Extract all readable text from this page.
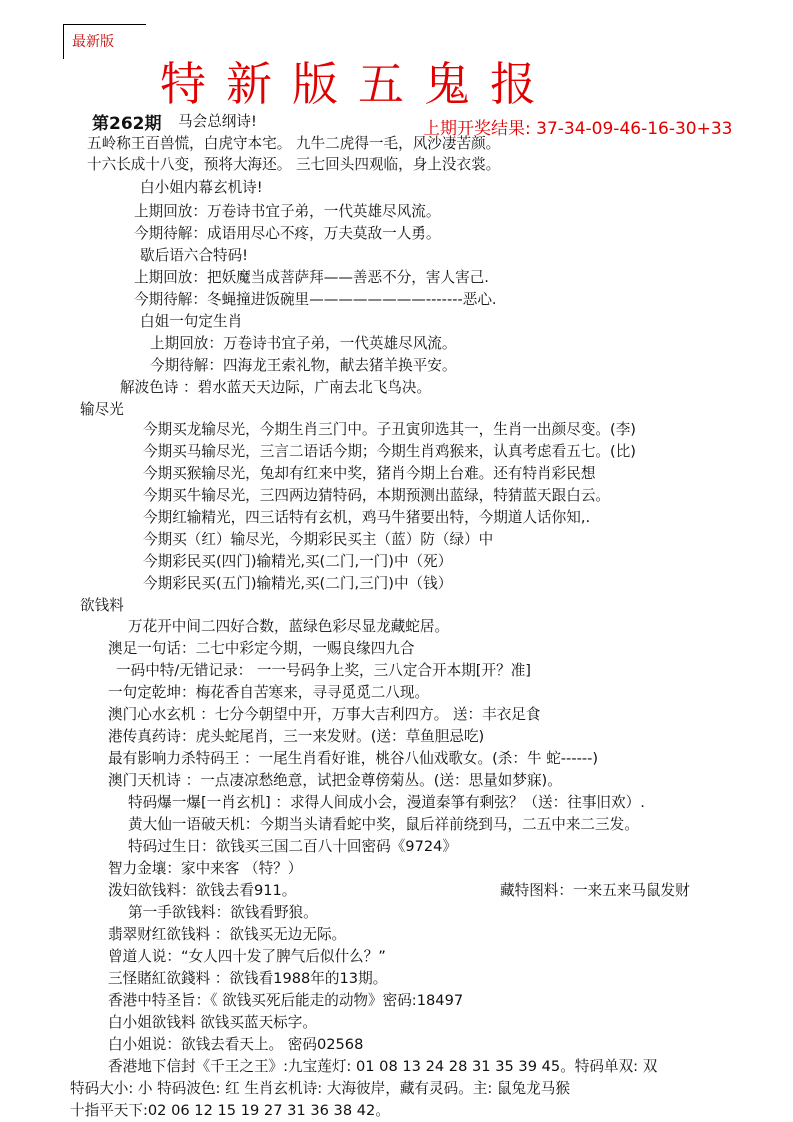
最新版
特新版五鬼报
第262期	上期开奖结果: 37-34-09-46-16-30+33
马会总纲诗!
五岭称王百兽慌，白虎守本宅。 九牛二虎得一毛，风沙凄苦颜。
十六长成十八变，预将大海还。 三七回头四观临，身上没衣裳。
白小姐内幕玄机诗!
上期回放：万卷诗书宜子弟，一代英雄尽风流。
今期待解：成语用尽心不疼，万夫莫敌一人勇。
歇后语六合特码!
上期回放：把妖魔当成菩萨拜——善恶不分，害人害己.
今期待解：冬蝇撞进饭碗里————————-------恶心.
白姐一句定生肖
上期回放：万卷诗书宜子弟，一代英雄尽风流。
今期待解：四海龙王索礼物，献去猪羊换平安。
解波色诗 ：碧水蓝天天边际，广南去北飞鸟决。
输尽光
今期买龙输尽光，今期生肖三门中。子丑寅卯选其一，生肖一出颜尽变。(李)
今期买马输尽光，三言二语话今期；今期生肖鸡猴来，认真考虑看五七。(比)
今期买猴输尽光，兔却有红来中奖，猪肖今期上台难。还有特肖彩民想
今期买牛输尽光，三四两边猜特码，本期预测出蓝绿，特猜蓝天跟白云。
今期红输精光，四三话特有玄机，鸡马牛猪要出特，今期道人话你知,.
今期买（红）输尽光，今期彩民买主（蓝）防（绿）中
今期彩民买(四门)输精光,买(二门,一门)中（死）
今期彩民买(五门)输精光,买(二门,三门)中（钱）
欲钱料
万花开中间二四好合数，蓝绿色彩尽显龙藏蛇居。
澳足一句话：二七中彩定今期，一赐良缘四九合
一码中特/无错记录： 一一号码争上奖，三八定合开本期[开？准]
一句定乾坤：梅花香自苦寒来，寻寻觅觅二八现。
澳门心水玄机 ：七分今朝望中开，万事大吉利四方。 送：丰衣足食
港传真药诗：虎头蛇尾肖，三一来发财。(送：草鱼胆忌吃)
最有影响力杀特码王 ：一尾生肖看好谁，桃谷八仙戏歌女。(杀：牛 蛇------)
澳门天机诗 ：一点凄凉愁绝意，试把金尊傍菊丛。(送：思量如梦寐)。
特码爆一爆[一肖玄机] ：求得人间成小会，漫道秦箏有剩弦？（送：往事旧欢）.
黄大仙一语破天机：今期当头请看蛇中奖，鼠后祥前绕到马，二五中来二三发。
特码过生日：欲钱买三国二百八十回密码《9724》
智力金壤：家中来客 （特？）
泼妇欲钱料：欲钱去看911。	藏特图料：一来五来马鼠发财
第一手欲钱料：欲钱看野狼。
翡翠财红欲钱料 ：欲钱买无边无际。
曾道人说：“女人四十发了脾气后似什么？”
三怪賭紅欲錢料 ：欲钱看1988年的13期。
香港中特圣旨：《 欲钱买死后能走的动物》密码:18497
白小姐欲钱料 欲钱买蓝天标字。
白小姐说：欲钱去看天上。 密码02568
香港地下信封《千王之王》:九宝莲灯: 01 08 13 24 28 31 35 39 45。特码单双: 双
特码大小: 小 特码波色: 红 生肖玄机诗: 大海彼岸，藏有灵码。主: 鼠兔龙马猴
十指平天下:02 06 12 15 19 27 31 36 38 42。
